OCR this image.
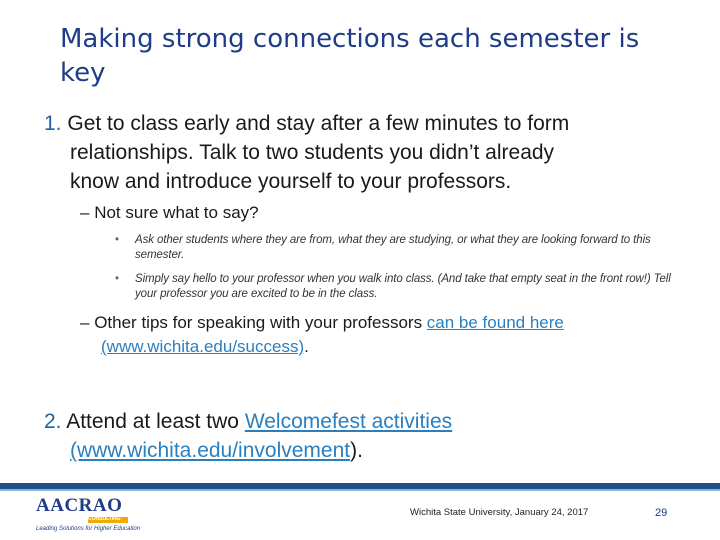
Making strong connections each semester is key
1. Get to class early and stay after a few minutes to form
relationships. Talk to two students you didn’t already
know and introduce yourself to your professors.
– Not sure what to say?
• Ask other students where they are from, what they are studying, or what they are looking forward to this semester.
• Simply say hello to your professor when you walk into class. (And take that empty seat in the front row!) Tell your professor you are excited to be in the class.
– Other tips for speaking with your professors can be found here
(www.wichita.edu/success).
2. Attend at least two Welcomefest activities
(www.wichita.edu/involvement).
AACRAO
CONSULTING
Leading Solutions for Higher Education
Wichita State University, January 24, 2017	29
